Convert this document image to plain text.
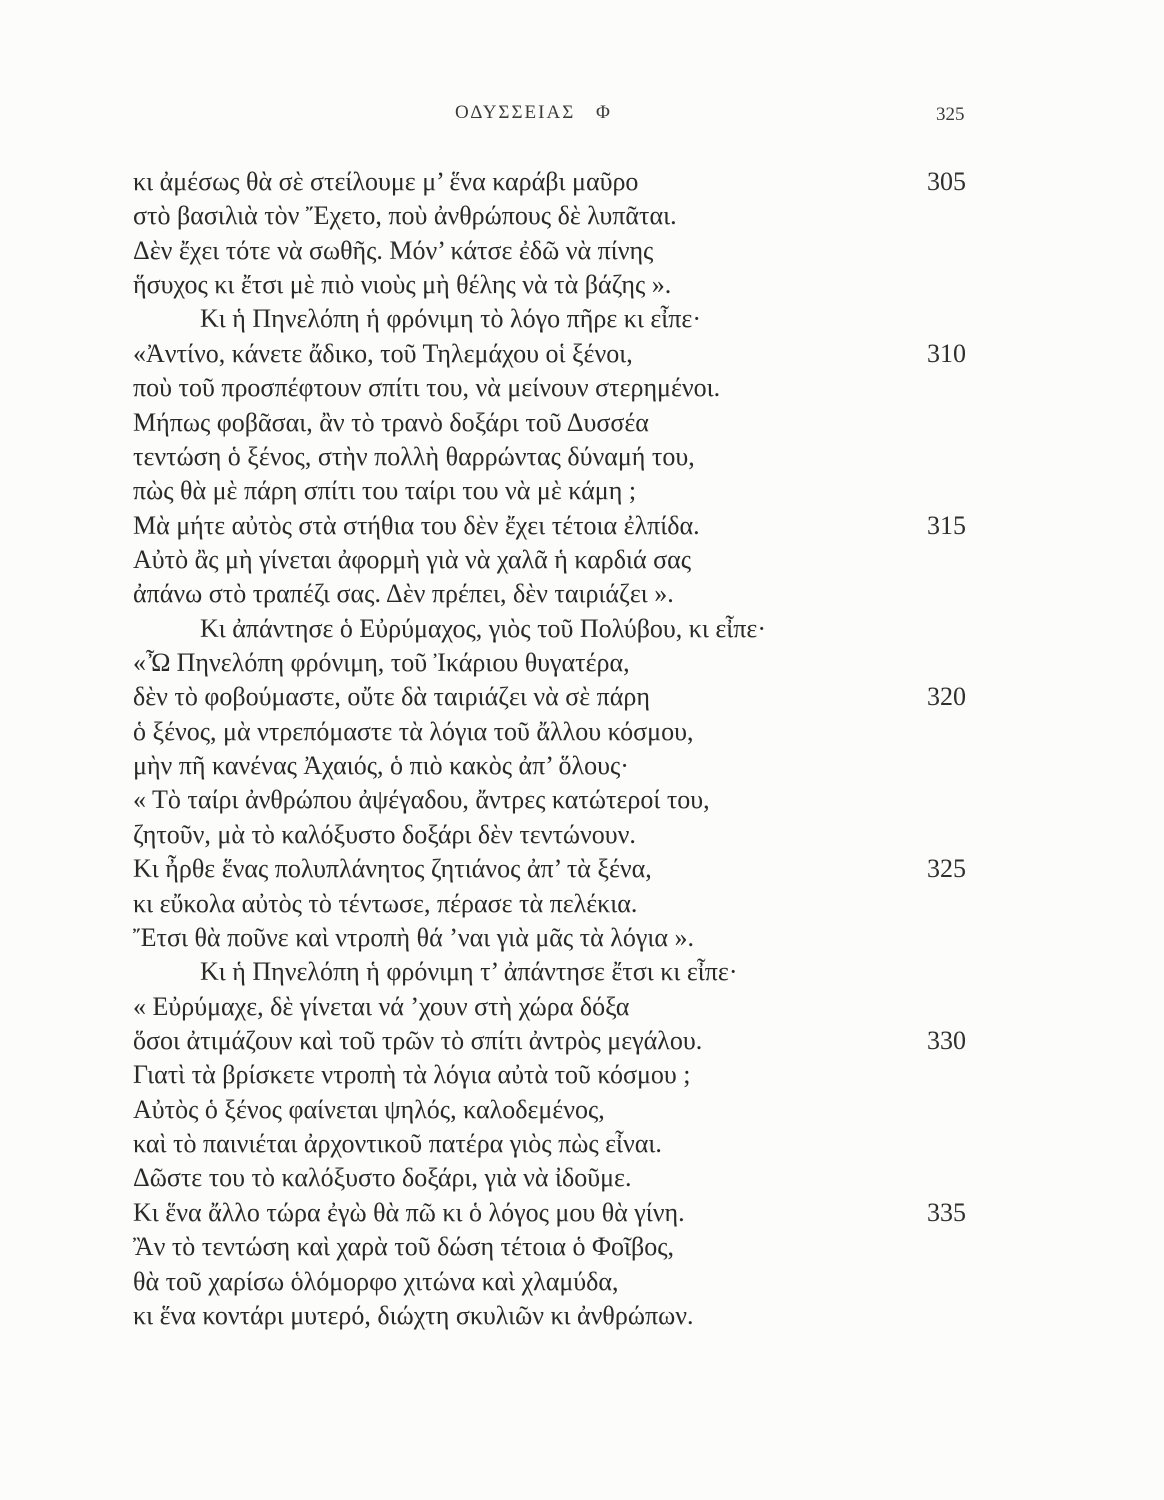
ΟΔΥΣΣΕΙΑΣ Φ	325
κι ἀμέσως θὰ σὲ στείλουμε μ’ ἕνα καράβι μαῦρο	305
στὸ βασιλιὰ τὸν Ἔχετο, ποὺ ἀνθρώπους δὲ λυπᾶται.
Δὲν ἔχει τότε νὰ σωθῆς. Μόν’ κάτσε ἐδῶ νὰ πίνης
ἥσυχος κι ἔτσι μὲ πιὸ νιοὺς μὴ θέλης νὰ τὰ βάζης ».
Κι ἡ Πηνελόπη ἡ φρόνιμη τὸ λόγο πῆρε κι εἶπε·
«Ἀντίνο, κάνετε ἄδικο, τοῦ Τηλεμάχου οἱ ξένοι,	310
ποὺ τοῦ προσπέφτουν σπίτι του, νὰ μείνουν στερημένοι.
Μήπως φοβᾶσαι, ἂν τὸ τρανὸ δοξάρι τοῦ Δυσσέα
τεντώση ὁ ξένος, στὴν πολλὴ θαρρώντας δύναμή του,
πὼς θὰ μὲ πάρη σπίτι του ταίρι του νὰ μὲ κάμη ;
Μὰ μήτε αὐτὸς στὰ στήθια του δὲν ἔχει τέτοια ἐλπίδα.	315
Αὐτὸ ἂς μὴ γίνεται ἀφορμὴ γιὰ νὰ χαλᾶ ἡ καρδιά σας
ἀπάνω στὸ τραπέζι σας. Δὲν πρέπει, δὲν ταιριάζει ».
Κι ἀπάντησε ὁ Εὐρύμαχος, γιὸς τοῦ Πολύβου, κι εἶπε·
«Ὦ Πηνελόπη φρόνιμη, τοῦ Ἰκάριου θυγατέρα,
δὲν τὸ φοβούμαστε, οὔτε δὰ ταιριάζει νὰ σὲ πάρη	320
ὁ ξένος, μὰ ντρεπόμαστε τὰ λόγια τοῦ ἄλλου κόσμου,
μὴν πῆ κανένας Ἀχαιός, ὁ πιὸ κακὸς ἀπ’ ὅλους·
« Τὸ ταίρι ἀνθρώπου ἀψέγαδου, ἄντρες κατώτεροί του,
ζητοῦν, μὰ τὸ καλόξυστο δοξάρι δὲν τεντώνουν.
Κι ἦρθε ἕνας πολυπλάνητος ζητιάνος ἀπ’ τὰ ξένα,	325
κι εὔκολα αὐτὸς τὸ τέντωσε, πέρασε τὰ πελέκια.
Ἔτσι θὰ ποῦνε καὶ ντροπὴ θά ’ναι γιὰ μᾶς τὰ λόγια ».
Κι ἡ Πηνελόπη ἡ φρόνιμη τ’ ἀπάντησε ἔτσι κι εἶπε·
« Εὐρύμαχε, δὲ γίνεται νά ’χουν στὴ χώρα δόξα
ὅσοι ἀτιμάζουν καὶ τοῦ τρῶν τὸ σπίτι ἀντρὸς μεγάλου.	330
Γιατὶ τὰ βρίσκετε ντροπὴ τὰ λόγια αὐτὰ τοῦ κόσμου ;
Αὐτὸς ὁ ξένος φαίνεται ψηλός, καλοδεμένος,
καὶ τὸ παινιέται ἀρχοντικοῦ πατέρα γιὸς πὼς εἶναι.
Δῶστε του τὸ καλόξυστο δοξάρι, γιὰ νὰ ἰδοῦμε.
Κι ἕνα ἄλλο τώρα ἐγὼ θὰ πῶ κι ὁ λόγος μου θὰ γίνη.	335
Ἂν τὸ τεντώση καὶ χαρὰ τοῦ δώση τέτοια ὁ Φοῖβος,
θὰ τοῦ χαρίσω ὁλόμορφο χιτώνα καὶ χλαμύδα,
κι ἕνα κοντάρι μυτερό, διώχτη σκυλιῶν κι ἀνθρώπων.
